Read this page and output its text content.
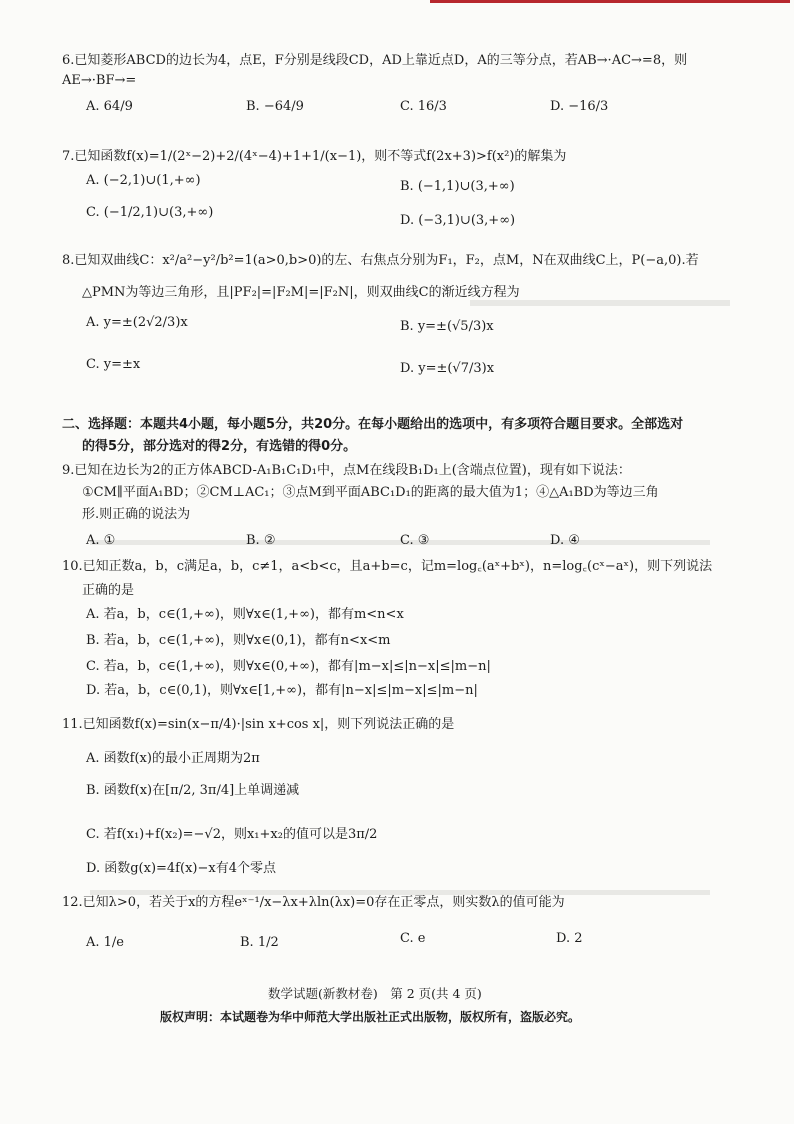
6.已知菱形ABCD的边长为4，点E，F分别是线段CD，AD上靠近点D，A的三等分点，若AB→·AC→=8，则
AE→·BF→=
A. 64/9	B. −64/9	C. 16/3	D. −16/3
7.已知函数f(x)=1/(2ˣ−2)+2/(4ˣ−4)+1+1/(x−1)，则不等式f(2x+3)>f(x²)的解集为
A. (−2,1)∪(1,+∞)	B. (−1,1)∪(3,+∞)
C. (−1/2,1)∪(3,+∞)
D. (−3,1)∪(3,+∞)
8.已知双曲线C：x²/a²−y²/b²=1(a>0,b>0)的左、右焦点分别为F₁，F₂，点M，N在双曲线C上，P(−a,0).若
△PMN为等边三角形，且|PF₂|=|F₂M|=|F₂N|，则双曲线C的渐近线方程为
A. y=±(2√2/3)x	B. y=±(√5/3)x
C. y=±x	D. y=±(√7/3)x
二、选择题：本题共4小题，每小题5分，共20分。在每小题给出的选项中，有多项符合题目要求。全部选对
的得5分，部分选对的得2分，有选错的得0分。
9.已知在边长为2的正方体ABCD-A₁B₁C₁D₁中，点M在线段B₁D₁上(含端点位置)，现有如下说法：
①CM∥平面A₁BD；②CM⊥AC₁；③点M到平面ABC₁D₁的距离的最大值为1；④△A₁BD为等边三角
形.则正确的说法为
A. ①	B. ②	C. ③	D. ④
10.已知正数a，b，c满足a，b，c≠1，a<b<c，且a+b=c，记m=log꜀(aˣ+bˣ)，n=log꜀(cˣ−aˣ)，则下列说法
正确的是
A. 若a，b，c∈(1,+∞)，则∀x∈(1,+∞)，都有m<n<x
B. 若a，b，c∈(1,+∞)，则∀x∈(0,1)，都有n<x<m
C. 若a，b，c∈(1,+∞)，则∀x∈(0,+∞)，都有|m−x|≤|n−x|≤|m−n|
D. 若a，b，c∈(0,1)，则∀x∈[1,+∞)，都有|n−x|≤|m−x|≤|m−n|
11.已知函数f(x)=sin(x−π/4)·|sin x+cos x|，则下列说法正确的是
A. 函数f(x)的最小正周期为2π
B. 函数f(x)在[π/2, 3π/4]上单调递减
C. 若f(x₁)+f(x₂)=−√2，则x₁+x₂的值可以是3π/2
D. 函数g(x)=4f(x)−x有4个零点
12.已知λ>0，若关于x的方程eˣ⁻¹/x−λx+λln(λx)=0存在正零点，则实数λ的值可能为
A. 1/e	B. 1/2	C. e	D. 2
数学试题(新教材卷)　第 2 页(共 4 页)
版权声明：本试题卷为华中师范大学出版社正式出版物，版权所有，盗版必究。
